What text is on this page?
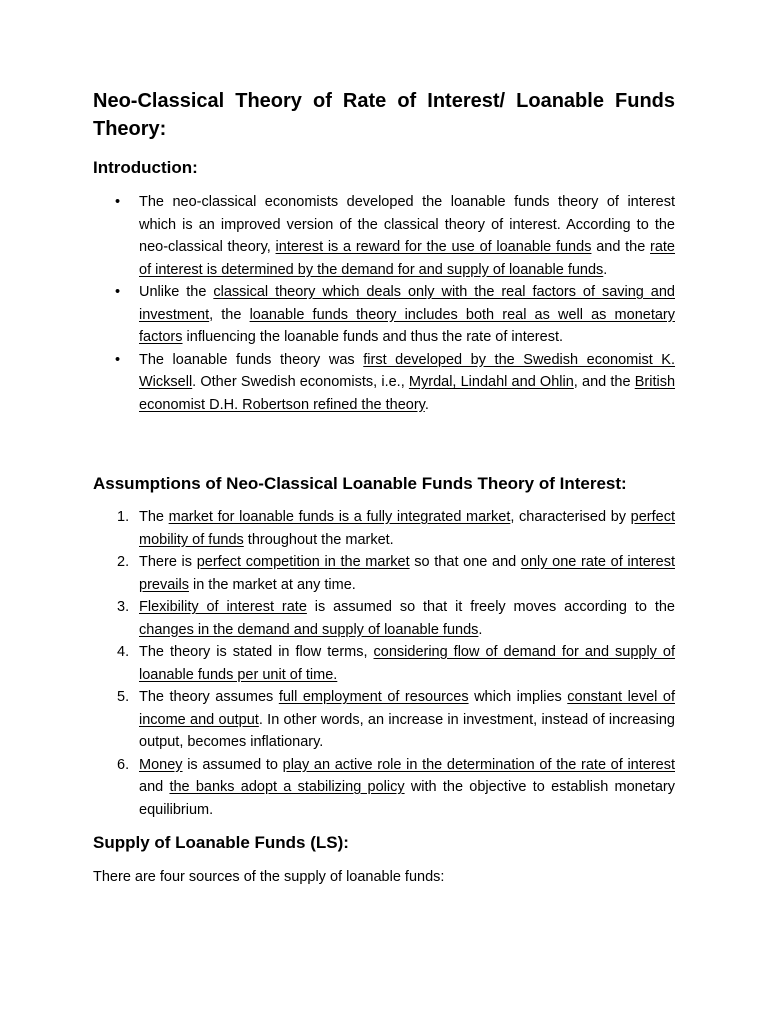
Neo-Classical Theory of Rate of Interest/ Loanable Funds Theory:
Introduction:
• The neo-classical economists developed the loanable funds theory of interest which is an improved version of the classical theory of interest. According to the neo-classical theory, interest is a reward for the use of loanable funds and the rate of interest is determined by the demand for and supply of loanable funds.
• Unlike the classical theory which deals only with the real factors of saving and investment, the loanable funds theory includes both real as well as monetary factors influencing the loanable funds and thus the rate of interest.
• The loanable funds theory was first developed by the Swedish economist K. Wicksell. Other Swedish economists, i.e., Myrdal, Lindahl and Ohlin, and the British economist D.H. Robertson refined the theory.
Assumptions of Neo-Classical Loanable Funds Theory of Interest:
1. The market for loanable funds is a fully integrated market, characterised by perfect mobility of funds throughout the market.
2. There is perfect competition in the market so that one and only one rate of interest prevails in the market at any time.
3. Flexibility of interest rate is assumed so that it freely moves according to the changes in the demand and supply of loanable funds.
4. The theory is stated in flow terms, considering flow of demand for and supply of loanable funds per unit of time.
5. The theory assumes full employment of resources which implies constant level of income and output. In other words, an increase in investment, instead of increasing output, becomes inflationary.
6. Money is assumed to play an active role in the determination of the rate of interest and the banks adopt a stabilizing policy with the objective to establish monetary equilibrium.
Supply of Loanable Funds (LS):

There are four sources of the supply of loanable funds:
